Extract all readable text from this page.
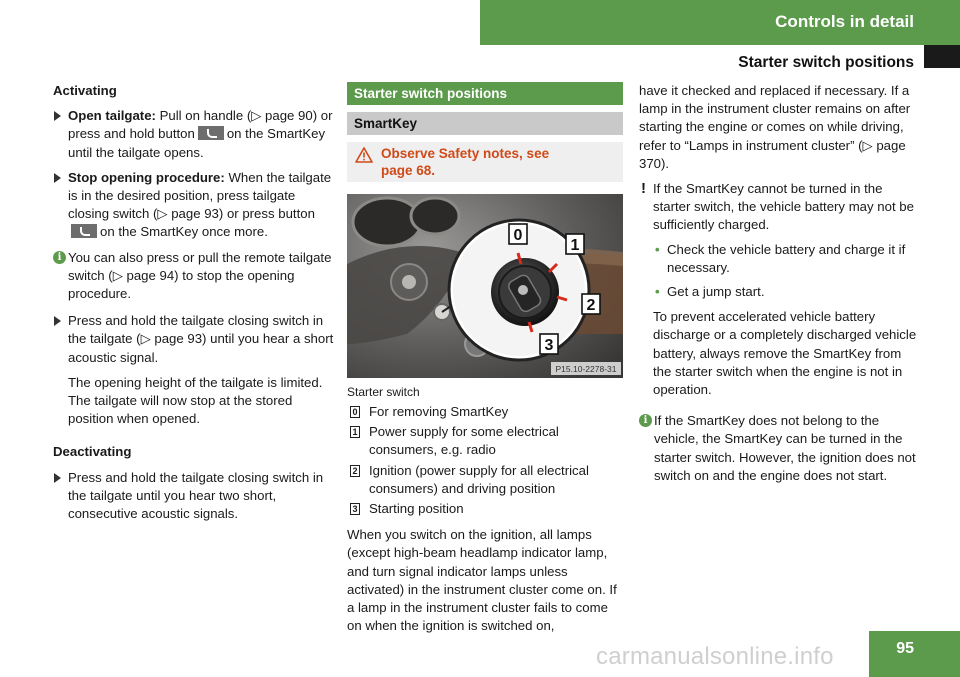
Controls in detail
Starter switch positions
Activating
Open tailgate: Pull on handle (▷ page 90) or press and hold button on the SmartKey until the tailgate opens.
Stop opening procedure: When the tailgate is in the desired position, press tailgate closing switch (▷ page 93) or press buttonon the SmartKey once more.
i You can also press or pull the remote tailgate switch (▷ page 94) to stop the opening procedure.
Press and hold the tailgate closing switch in the tailgate (▷ page 93) until you hear a short acoustic signal.
The opening height of the tailgate is limited. The tailgate will now stop at the stored position when opened.
Deactivating
Press and hold the tailgate closing switch in the tailgate until you hear two short, consecutive acoustic signals.
Starter switch positions
SmartKey
Observe Safety notes, see
page 68.
0
1
2
3
P15.10-2278-31
Starter switch
0 For removing SmartKey
1 Power supply for some electrical consumers, e.g. radio
2 Ignition (power supply for all electrical consumers) and driving position
3 Starting position
When you switch on the ignition, all lamps (except high-beam headlamp indicator lamp, and turn signal indicator lamps unless activated) in the instrument cluster come on. If a lamp in the instrument cluster fails to come on when the ignition is switched on,
have it checked and replaced if necessary. If a lamp in the instrument cluster remains on after starting the engine or comes on while driving, refer to “Lamps in instrument cluster” (▷ page 370).
! If the SmartKey cannot be turned in the starter switch, the vehicle battery may not be sufficiently charged.
• Check the vehicle battery and charge it if necessary.
• Get a jump start.
To prevent accelerated vehicle battery discharge or a completely discharged vehicle battery, always remove the SmartKey from the starter switch when the engine is not in operation.
i If the SmartKey does not belong to the vehicle, the SmartKey can be turned in the starter switch. However, the ignition does not switch on and the engine does not start.
95
carmanualsonline.info
